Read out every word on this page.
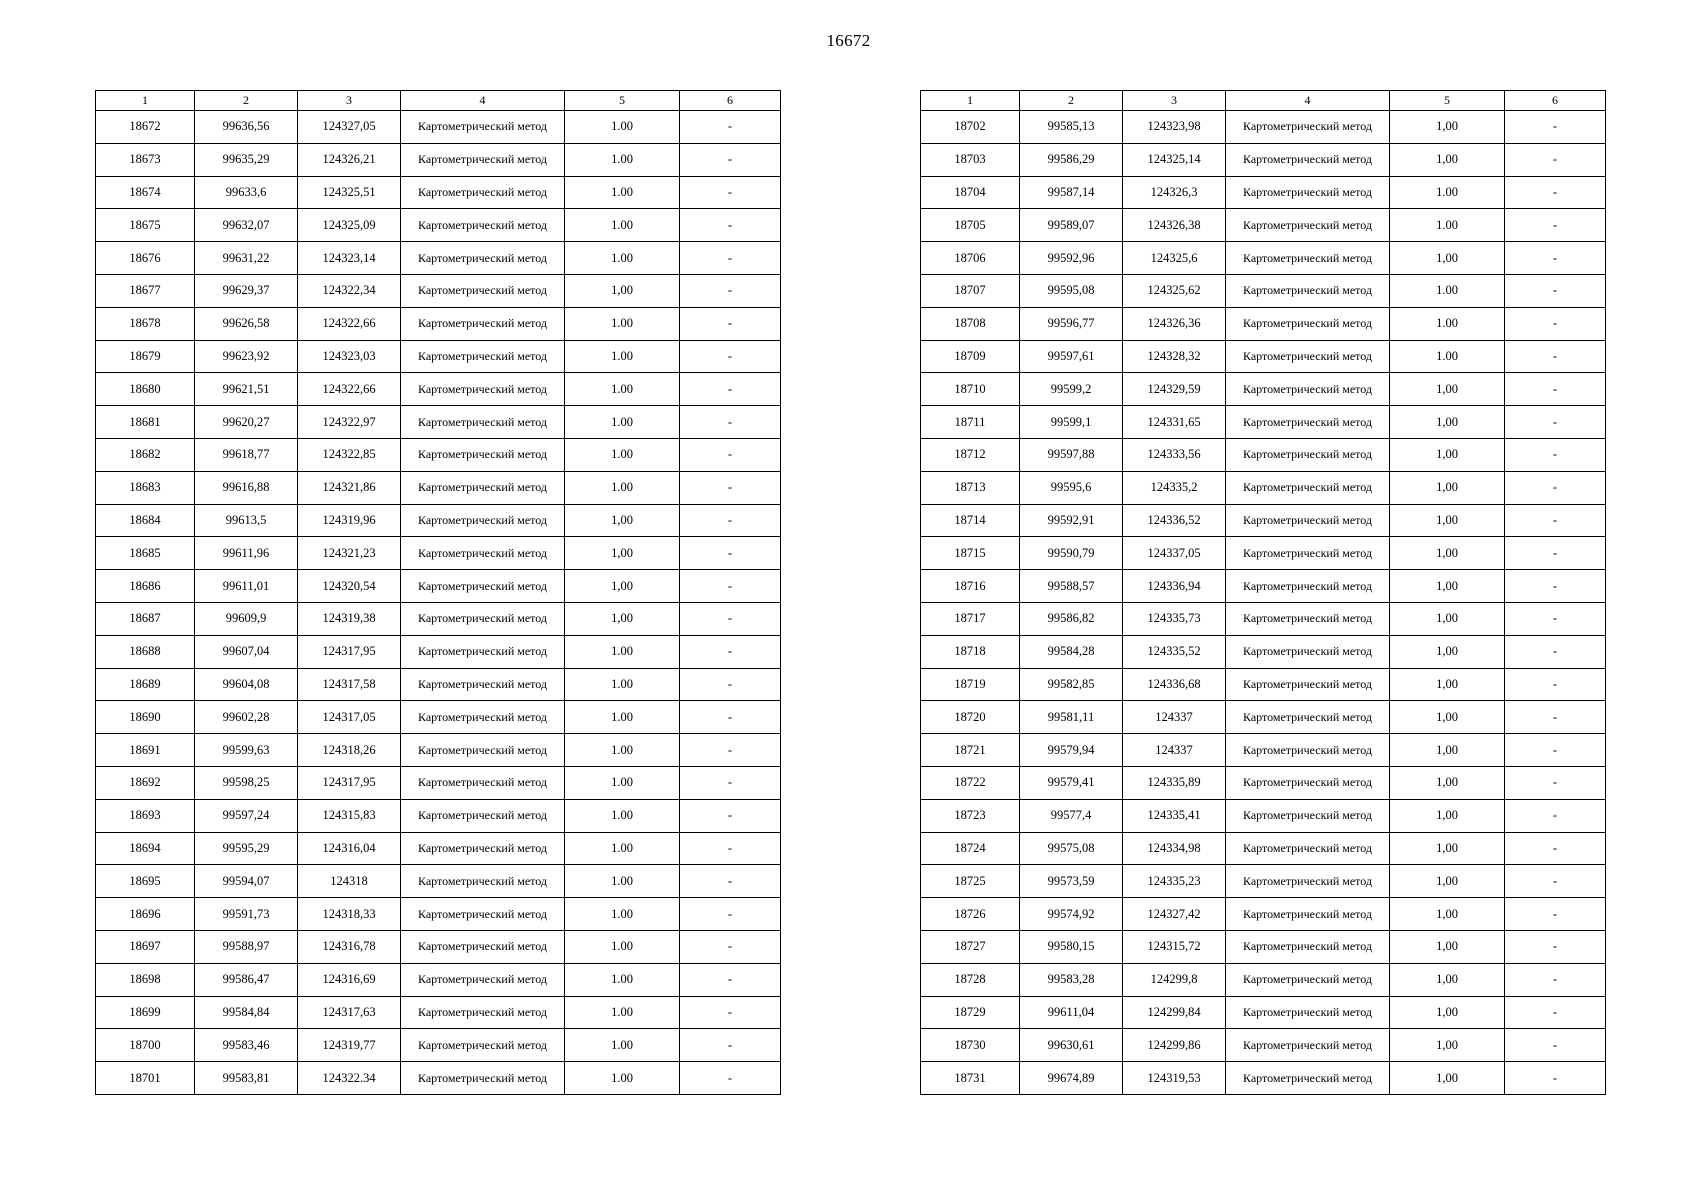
16672
1	2	3	4	5	6
18672	99636,56	124327,05	Картометрический метод	1.00	-
18673	99635,29	124326,21	Картометрический метод	1.00	-
18674	99633,6	124325,51	Картометрический метод	1.00	-
18675	99632,07	124325,09	Картометрический метод	1.00	-
18676	99631,22	124323,14	Картометрический метод	1.00	-
18677	99629,37	124322,34	Картометрический метод	1,00	-
18678	99626,58	124322,66	Картометрический метод	1.00	-
18679	99623,92	124323,03	Картометрический метод	1.00	-
18680	99621,51	124322,66	Картометрический метод	1.00	-
18681	99620,27	124322,97	Картометрический метод	1.00	-
18682	99618,77	124322,85	Картометрический метод	1.00	-
18683	99616,88	124321,86	Картометрический метод	1.00	-
18684	99613,5	124319,96	Картометрический метод	1,00	-
18685	99611,96	124321,23	Картометрический метод	1,00	-
18686	99611,01	124320,54	Картометрический метод	1,00	-
18687	99609,9	124319,38	Картометрический метод	1,00	-
18688	99607,04	124317,95	Картометрический метод	1.00	-
18689	99604,08	124317,58	Картометрический метод	1.00	-
18690	99602,28	124317,05	Картометрический метод	1.00	-
18691	99599,63	124318,26	Картометрический метод	1.00	-
18692	99598,25	124317,95	Картометрический метод	1.00	-
18693	99597,24	124315,83	Картометрический метод	1.00	-
18694	99595,29	124316,04	Картометрический метод	1.00	-
18695	99594,07	124318	Картометрический метод	1.00	-
18696	99591,73	124318,33	Картометрический метод	1.00	-
18697	99588,97	124316,78	Картометрический метод	1.00	-
18698	99586,47	124316,69	Картометрический метод	1.00	-
18699	99584,84	124317,63	Картометрический метод	1.00	-
18700	99583,46	124319,77	Картометрический метод	1.00	-
18701	99583,81	124322.34	Картометрический метод	1.00	-
1	2	3	4	5	6
18702	99585,13	124323,98	Картометрический метод	1,00	-
18703	99586,29	124325,14	Картометрический метод	1,00	-
18704	99587,14	124326,3	Картометрический метод	1.00	-
18705	99589,07	124326,38	Картометрический метод	1.00	-
18706	99592,96	124325,6	Картометрический метод	1,00	-
18707	99595,08	124325,62	Картометрический метод	1.00	-
18708	99596,77	124326,36	Картометрический метод	1.00	-
18709	99597,61	124328,32	Картометрический метод	1.00	-
18710	99599,2	124329,59	Картометрический метод	1,00	-
18711	99599,1	124331,65	Картометрический метод	1,00	-
18712	99597,88	124333,56	Картометрический метод	1,00	-
18713	99595,6	124335,2	Картометрический метод	1,00	-
18714	99592,91	124336,52	Картометрический метод	1,00	-
18715	99590,79	124337,05	Картометрический метод	1,00	-
18716	99588,57	124336,94	Картометрический метод	1,00	-
18717	99586,82	124335,73	Картометрический метод	1,00	-
18718	99584,28	124335,52	Картометрический метод	1,00	-
18719	99582,85	124336,68	Картометрический метод	1,00	-
18720	99581,11	124337	Картометрический метод	1,00	-
18721	99579,94	124337	Картометрический метод	1,00	-
18722	99579,41	124335,89	Картометрический метод	1,00	-
18723	99577,4	124335,41	Картометрический метод	1,00	-
18724	99575,08	124334,98	Картометрический метод	1,00	-
18725	99573,59	124335,23	Картометрический метод	1,00	-
18726	99574,92	124327,42	Картометрический метод	1,00	-
18727	99580,15	124315,72	Картометрический метод	1,00	-
18728	99583,28	124299,8	Картометрический метод	1,00	-
18729	99611,04	124299,84	Картометрический метод	1,00	-
18730	99630,61	124299,86	Картометрический метод	1,00	-
18731	99674,89	124319,53	Картометрический метод	1,00	-
